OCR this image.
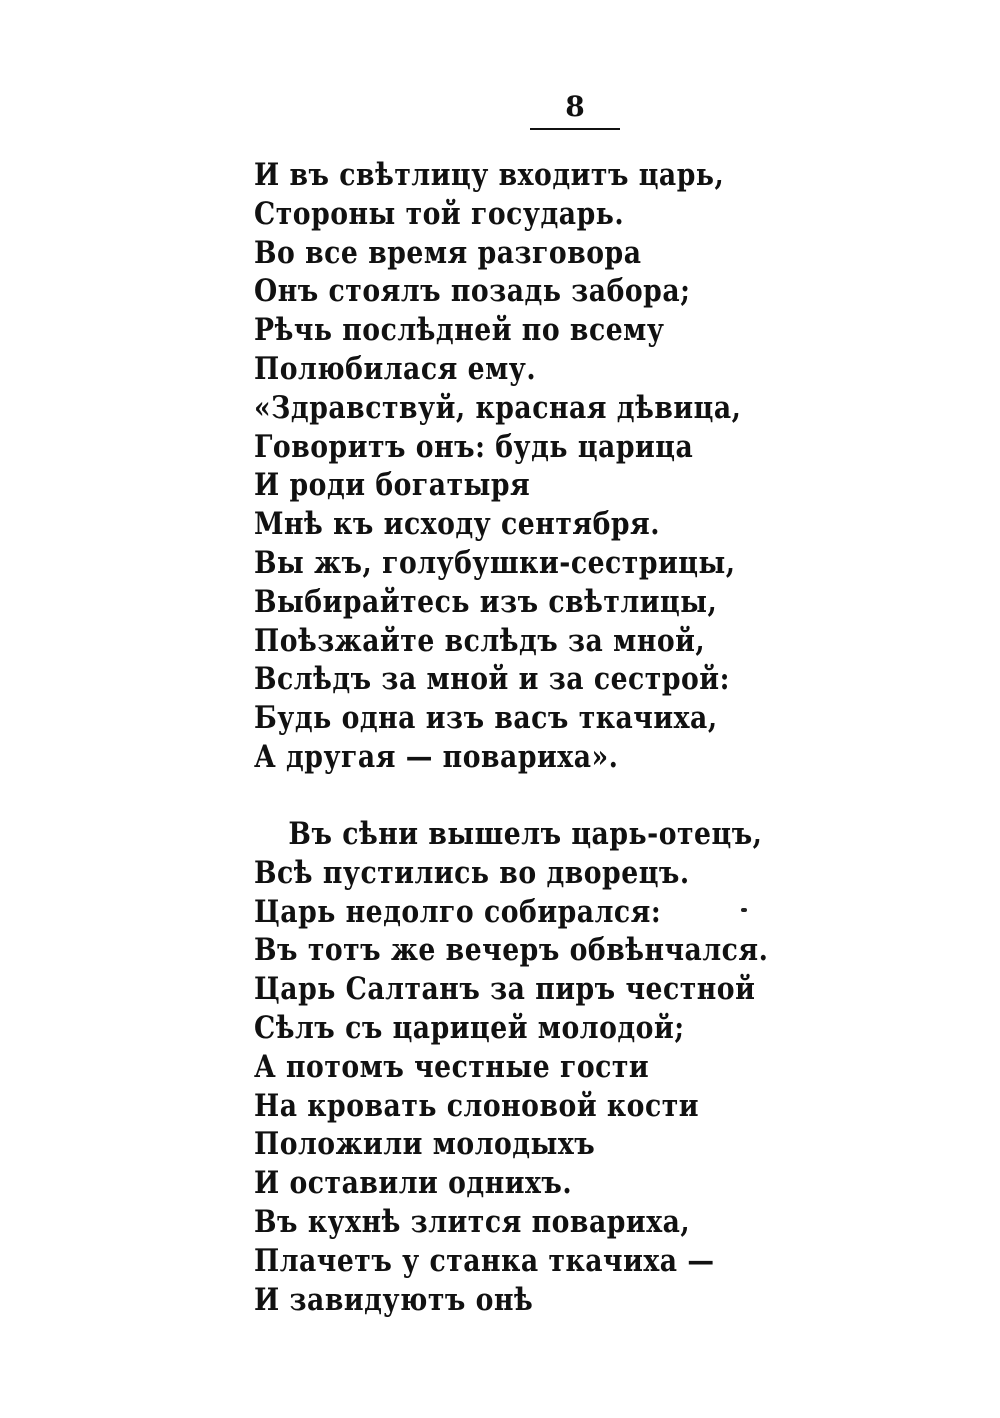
8
И въ свѣтлицу входитъ царь,
Стороны той государь.
Во все время разговора
Онъ стоялъ позадь забора;
Рѣчь послѣдней по всему
Полюбилася ему.
«Здравствуй, красная дѣвица,
Говоритъ онъ: будь царица
И роди богатыря
Мнѣ къ исходу сентября.
Вы жъ, голубушки-сестрицы,
Выбирайтесь изъ свѣтлицы,
Поѣзжайте вслѣдъ за мной,
Вслѣдъ за мной и за сестрой:
Будь одна изъ васъ ткачиха,
А другая — повариха».
Въ сѣни вышелъ царь-отецъ,
Всѣ пустились во дворецъ.
Царь недолго собирался:
Въ тотъ же вечеръ обвѣнчался.
Царь Салтанъ за пиръ честной
Сѣлъ съ царицей молодой;
А потомъ честные гости
На кровать слоновой кости
Положили молодыхъ
И оставили однихъ.
Въ кухнѣ злится повариха,
Плачетъ у станка ткачиха —
И завидуютъ онѣ
